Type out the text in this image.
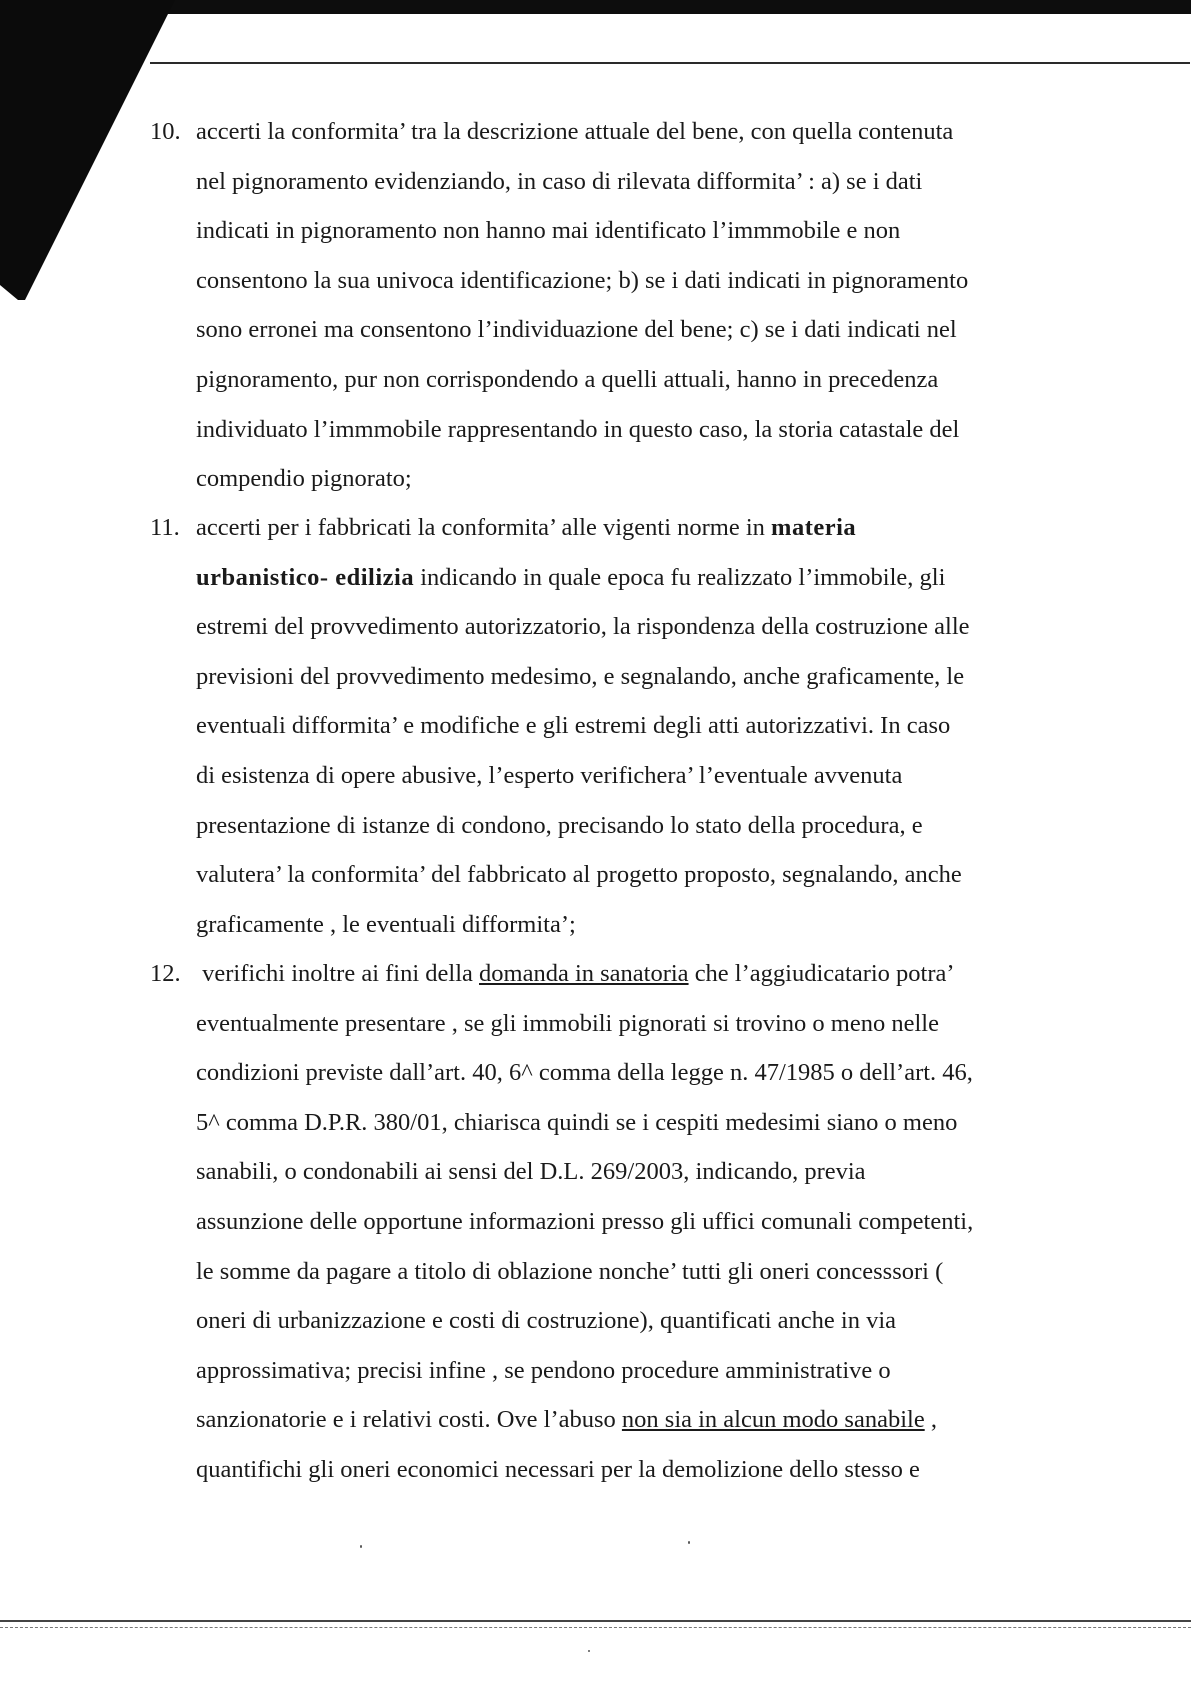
10. accerti la conformita’ tra la descrizione attuale del bene, con quella contenuta
nel pignoramento evidenziando, in caso di rilevata difformita’ : a) se i dati
indicati in pignoramento non hanno mai identificato l’immmobile e non
consentono la sua univoca identificazione; b) se i dati indicati in pignoramento
sono erronei ma consentono l’individuazione del bene; c) se i dati indicati nel
pignoramento, pur non corrispondendo a quelli attuali, hanno in precedenza
individuato l’immmobile rappresentando in questo caso, la storia catastale del
compendio pignorato;
11. accerti per i fabbricati la conformita’ alle vigenti norme in materia
urbanistico- edilizia indicando in quale epoca fu realizzato l’immobile, gli
estremi del provvedimento autorizzatorio, la rispondenza della costruzione alle
previsioni del provvedimento medesimo, e segnalando, anche graficamente, le
eventuali difformita’ e modifiche e gli estremi degli atti autorizzativi. In caso
di esistenza di opere abusive, l’esperto verifichera’ l’eventuale avvenuta
presentazione di istanze di condono, precisando lo stato della procedura, e
valutera’ la conformita’ del fabbricato al progetto proposto, segnalando, anche
graficamente , le eventuali difformita’;
12. verifichi inoltre ai fini della domanda in sanatoria che l’aggiudicatario potra’
eventualmente presentare , se gli immobili pignorati si trovino o meno nelle
condizioni previste dall’art. 40, 6^ comma della legge n. 47/1985 o dell’art. 46,
5^ comma D.P.R. 380/01, chiarisca quindi se i cespiti medesimi siano o meno
sanabili, o condonabili ai sensi del D.L. 269/2003, indicando, previa
assunzione delle opportune informazioni presso gli uffici comunali competenti,
le somme da pagare a titolo di oblazione nonche’ tutti gli oneri concesssori (
oneri di urbanizzazione e costi di costruzione), quantificati anche in via
approssimativa; precisi infine , se pendono procedure amministrative o
sanzionatorie e i relativi costi. Ove l’abuso non sia in alcun modo sanabile ,
quantifichi gli oneri economici necessari per la demolizione dello stesso e
